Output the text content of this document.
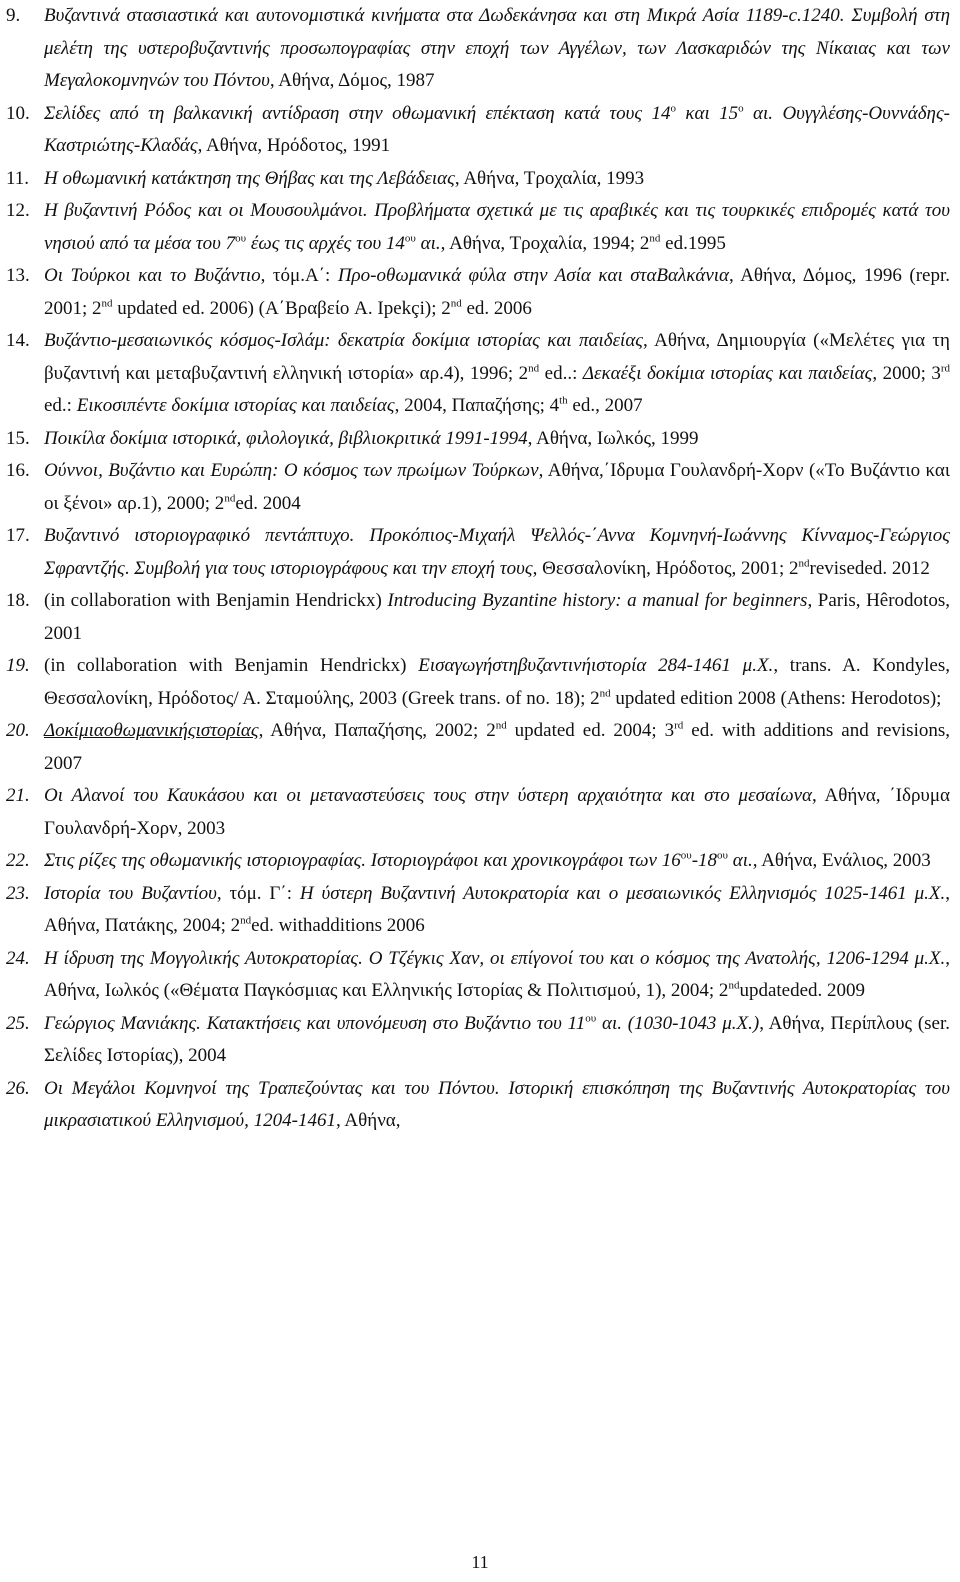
9.	Βυζαντινά στασιαστικά και αυτονομιστικά κινήματα στα Δωδεκάνησα και στη Μικρά Ασία 1189-c.1240. Συμβολή στη μελέτη της υστεροβυζαντινής προσωπογραφίας στην εποχή των Αγγέλων, των Λασκαριδών της Νίκαιας και των Μεγαλοκομνηνών του Πόντου, Αθήνα, Δόμος, 1987
10. Σελίδες από τη βαλκανική αντίδραση στην οθωμανική επέκταση κατά τους $14^o$ και $15^o$ αι. Ουγγλέσης-Ουννάδης-Καστριώτης-Κλαδάς, Αθήνα, Ηρόδοτος, 1991
11. Η οθωμανική κατάκτηση της Θήβας και της Λεβάδειας, Αθήνα, Τροχαλία, 1993
12. Η βυζαντινή Ρόδος και οι Μουσουλμάνοι. Προβλήματα σχετικά με τις αραβικές και τις τουρκικές επιδρομές κατά του νησιού από τα μέσα του $7^{o\upsilon}$ έως τις αρχές του $14^{o\upsilon}$ αι., Αθήνα, Τροχαλία, 1994; 2nd ed.1995
13. Οι Τούρκοι και το Βυζάντιο, τόμ.Α΄: Προ-οθωμανικά φύλα στην Ασία και σταΒαλκάνια, Αθήνα, Δόμος, 1996 (repr. 2001; 2nd updated ed. 2006) (Α΄Βραβείο A. Ipekçi); 2nd ed. 2006
14. Βυζάντιο-μεσαιωνικός κόσμος-Ισλάμ: δεκατρία δοκίμια ιστορίας και παιδείας, Αθήνα, Δημιουργία («Μελέτες για τη βυζαντινή και μεταβυζαντινή ελληνική ιστορία» αρ.4), 1996; 2nd ed..: Δεκαέξι δοκίμια ιστορίας και παιδείας, 2000; 3rd ed.: Εικοσιπέντε δοκίμια ιστορίας και παιδείας, 2004, Παπαζήσης; 4th ed., 2007
15. Ποικίλα δοκίμια ιστορικά, φιλολογικά, βιβλιοκριτικά 1991-1994, Αθήνα, Ιωλκός, 1999
16. Ούννοι, Βυζάντιο και Ευρώπη: Ο κόσμος των πρωίμων Τούρκων, Αθήνα,΄Ιδρυμα Γουλανδρή-Χορν («Το Βυζάντιο και οι ξένοι» αρ.1), 2000; 2nded. 2004
17. Βυζαντινό ιστοριογραφικό πεντάπτυχο. Προκόπιος-Μιχαήλ Ψελλός-΄Αννα Κομνηνή-Ιωάννης Κίνναμος-Γεώργιος Σφραντζής. Συμβολή για τους ιστοριογράφους και την εποχή τους, Θεσσαλονίκη, Ηρόδοτος, 2001; 2ndreviseded. 2012
18. (in collaboration with Benjamin Hendrickx) Introducing Byzantine history: a manual for beginners, Paris, Hêrodotos, 2001
19. (in collaboration with Benjamin Hendrickx) Εισαγωγήστηβυζαντινήιστορία 284-1461 μ.Χ., trans. A. Kondyles, Θεσσαλονίκη, Ηρόδοτος/ Α. Σταμούλης, 2003 (Greek trans. of no. 18); 2nd updated edition 2008 (Athens: Herodotos);
20. Δοκίμιαοθωμανικήςιστορίας, Αθήνα, Παπαζήσης, 2002; 2nd updated ed. 2004; 3rd ed. with additions and revisions, 2007
21. Οι Αλανοί του Καυκάσου και οι μεταναστεύσεις τους στην ύστερη αρχαιότητα και στο μεσαίωνα, Αθήνα, ΄Ιδρυμα Γουλανδρή-Χορν, 2003
22. Στις ρίζες της οθωμανικής ιστοριογραφίας. Ιστοριογράφοι και χρονικογράφοι των $16^{o\upsilon}-18^{o\upsilon}$ αι., Αθήνα, Ενάλιος, 2003
23. Ιστορία του Βυζαντίου, τόμ. Γ΄: Η ύστερη Βυζαντινή Αυτοκρατορία και ο μεσαιωνικός Ελληνισμός 1025-1461 μ.Χ., Αθήνα, Πατάκης, 2004; 2nded. withadditions 2006
24. Η ίδρυση της Μογγολικής Αυτοκρατορίας. Ο Τζέγκις Χαν, οι επίγονοί του και ο κόσμος της Ανατολής, 1206-1294 μ.Χ., Αθήνα, Ιωλκός («Θέματα Παγκόσμιας και Ελληνικής Ιστορίας & Πολιτισμού, 1), 2004; 2ndupdateded. 2009
25. Γεώργιος Μανιάκης. Κατακτήσεις και υπονόμευση στο Βυζάντιο του $11^{o\upsilon}$ αι. (1030-1043 μ.Χ.), Αθήνα, Περίπλους (ser. Σελίδες Ιστορίας), 2004
26. Οι Μεγάλοι Κομνηνοί της Τραπεζούντας και του Πόντου. Ιστορική επισκόπηση της Βυζαντινής Αυτοκρατορίας του μικρασιατικού Ελληνισμού, 1204-1461, Αθήνα,
11
